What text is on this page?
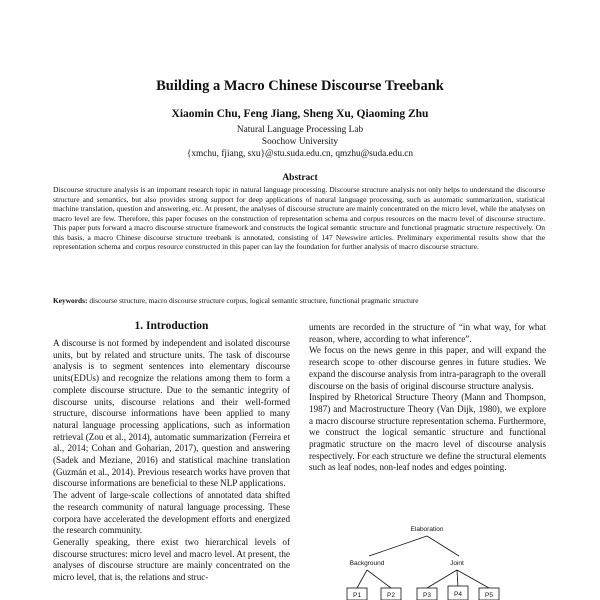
Building a Macro Chinese Discourse Treebank
Xiaomin Chu, Feng Jiang, Sheng Xu, Qiaoming Zhu
Natural Language Processing Lab
Soochow University
{xmchu, fjiang, sxu}@stu.suda.edu.cn, qmzhu@suda.edu.cn
Abstract
Discourse structure analysis is an important research topic in natural language processing. Discourse structure analysis not only helps to understand the discourse structure and semantics, but also provides strong support for deep applications of natural language processing, such as automatic summarization, statistical machine translation, question and answering, etc. At present, the analyses of discourse structure are mainly concentrated on the micro level, while the analyses on macro level are few. Therefore, this paper focuses on the construction of representation schema and corpus resources on the macro level of discourse structure. This paper puts forward a macro discourse structure framework and constructs the logical semantic structure and functional pragmatic structure respectively. On this basis, a macro Chinese discourse structure treebank is annotated, consisting of 147 Newswire articles. Preliminary experimental results show that the representation schema and corpus resource constructed in this paper can lay the foundation for further analysis of macro discourse structure.
Keywords: discourse structure, macro discourse structure corpus, logical semantic structure, functional pragmatic structure
1. Introduction

A discourse is not formed by independent and isolated discourse units, but by related and structure units. The task of discourse analysis is to segment sentences into elementary discourse units(EDUs) and recognize the relations among them to form a complete discourse structure. Due to the semantic integrity of discourse units, discourse relations and their well-formed structure, discourse informations have been applied to many natural language processing applications, such as information retrieval (Zou et al., 2014), automatic summarization (Ferreira et al., 2014; Cohan and Goharian, 2017), question and answering (Sadek and Meziane, 2016) and statistical machine translation (Guzmán et al., 2014). Previous research works have proven that discourse informations are beneficial to these NLP applications.

The advent of large-scale collections of annotated data shifted the research community of natural language processing. These corpora have accelerated the development efforts and energized the research community.

Generally speaking, there exist two hierarchical levels of discourse structures: micro level and macro level. At present, the analyses of discourse structure are mainly concentrated on the micro level, that is, the relations and struc-

uments are recorded in the structure of “in what way, for what reason, where, according to what inference”.

We focus on the news genre in this paper, and will expand the research scope to other discourse genres in future studies. We expand the discourse analysis from intra-paragraph to the overall discourse on the basis of original discourse structure analysis.

Inspired by Rhetorical Structure Theory (Mann and Thompson, 1987) and Macrostructure Theory (Van Dijk, 1980), we explore a macro discourse structure representation schema. Furthermore, we construct the logical semantic structure and functional pragmatic structure on the macro level of discourse analysis respectively. For each structure we define the structural elements such as leaf nodes, non-leaf nodes and edges pointing.

Elaboration
Background	Joint
P1	P2	P3	P4	P5
